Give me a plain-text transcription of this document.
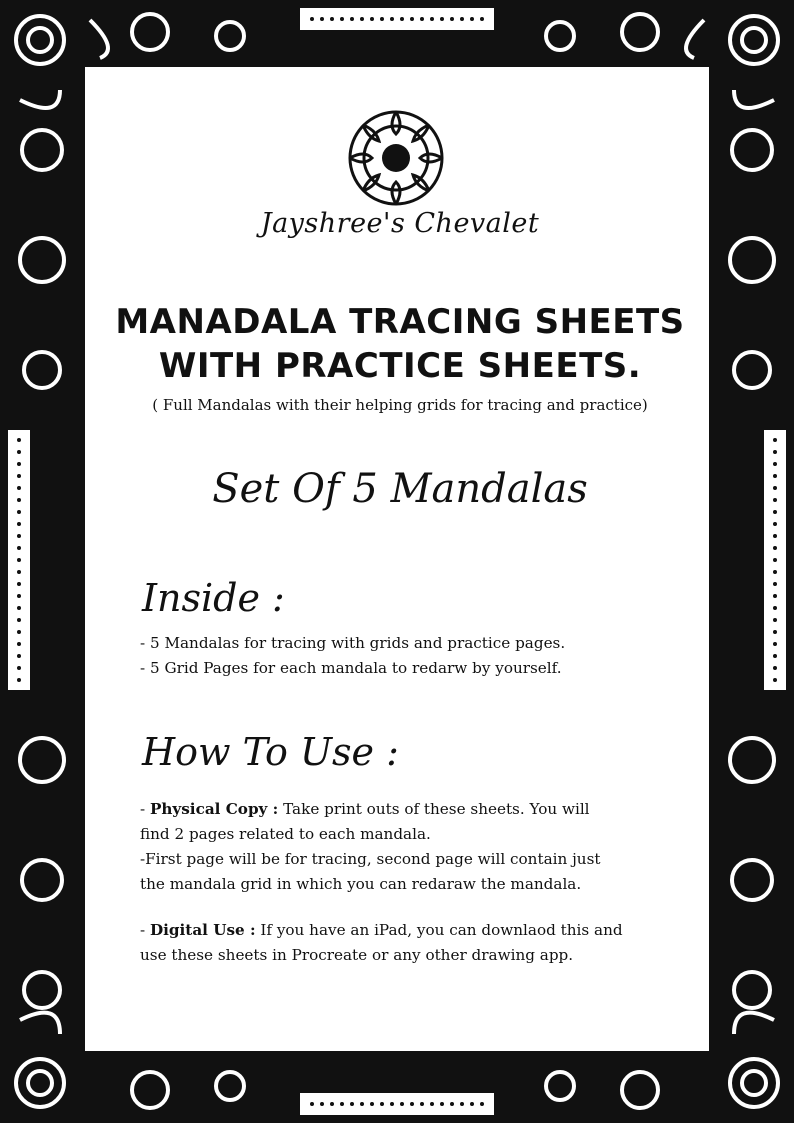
Jayshree's Chevalet
MANADALA TRACING SHEETS
WITH PRACTICE SHEETS.
( Full Mandalas with their helping grids for tracing and practice)
Set Of 5 Mandalas
Inside :
- 5 Mandalas for tracing with grids and practice pages.
- 5 Grid Pages for each mandala to redarw by yourself.
How To Use :
- Physical Copy : Take print outs of these sheets. You will
find 2 pages related to each mandala.
-First page will be for tracing, second page will contain just
the mandala grid in which you can redaraw the mandala.
- Digital Use : If you have an iPad, you can downlaod this and
use these sheets in Procreate or any other drawing app.
